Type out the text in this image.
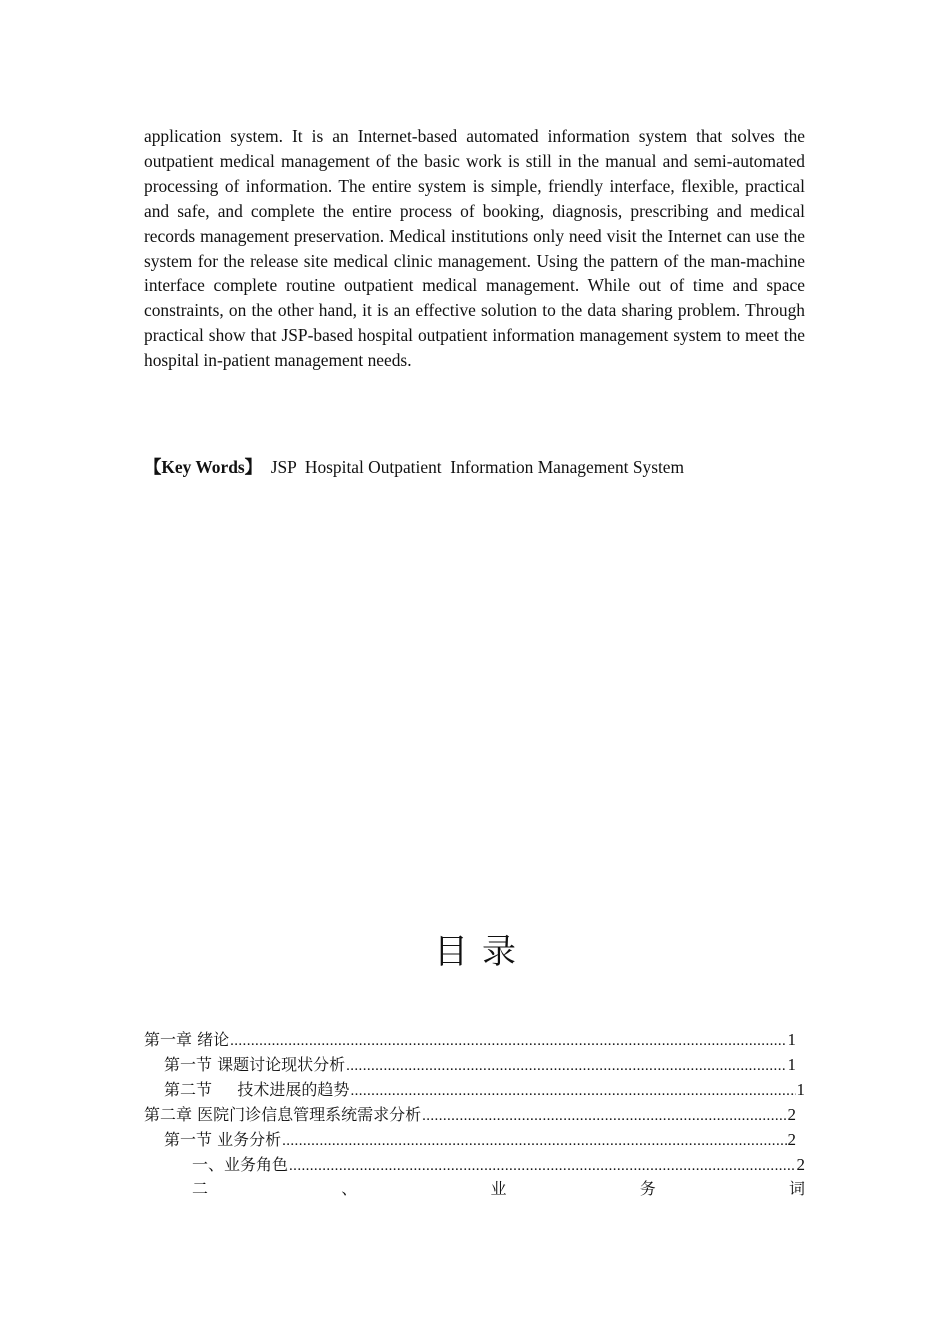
application system. It is an Internet-based automated information system that solves the outpatient medical management of the basic work is still in the manual and semi-automated processing of information. The entire system is simple, friendly interface, flexible, practical and safe, and complete the entire process of booking, diagnosis, prescribing and medical records management preservation. Medical institutions only need visit the Internet can use the system for the release site medical clinic management. Using the pattern of the man-machine interface complete routine outpatient medical management. While out of time and space constraints, on the other hand, it is an effective solution to the data sharing problem. Through practical show that JSP-based hospital outpatient information management system to meet the hospital in-patient management needs.

【Key Words】  JSP  Hospital Outpatient  Information Management System
目录
第一章 绪论 .....	1
第一节 课题讨论现状分析 .....	1
第二节     技术进展的趋势 .....	1
第二章 医院门诊信息管理系统需求分析 .....	2
第一节 业务分析 .....	2
一、业务角色 .....	2
二	、	业	务	词
